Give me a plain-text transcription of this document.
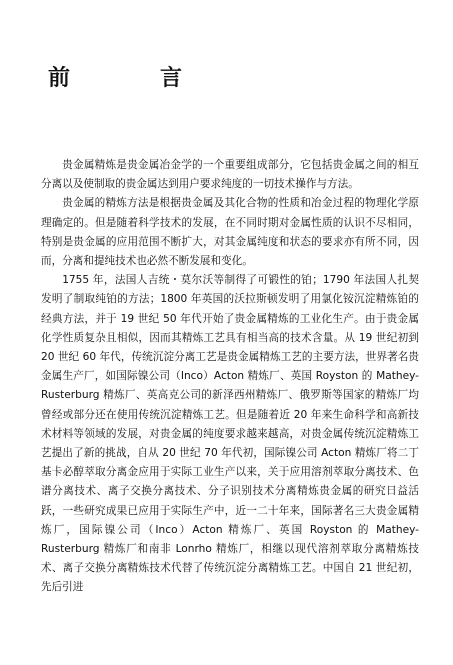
前　言

贵金属精炼是贵金属冶金学的一个重要组成部分，它包括贵金属之间的相互分离以及使制取的贵金属达到用户要求纯度的一切技术操作与方法。

贵金属的精炼方法是根据贵金属及其化合物的性质和冶金过程的物理化学原理确定的。但是随着科学技术的发展，在不同时期对金属性质的认识不尽相同，特别是贵金属的应用范围不断扩大，对其金属纯度和状态的要求亦有所不同，因而，分离和提纯技术也必然不断发展和变化。

1755 年，法国人吉统・莫尔沃等制得了可锻性的铂；1790 年法国人扎契发明了制取纯铂的方法；1800 年英国的沃拉斯顿发明了用氯化铵沉淀精炼铂的经典方法，并于 19 世纪 50 年代开始了贵金属精炼的工业化生产。由于贵金属化学性质复杂且相似，因而其精炼工艺具有相当高的技术含量。从 19 世纪初到 20 世纪 60 年代，传统沉淀分离工艺是贵金属精炼工艺的主要方法，世界著名贵金属生产厂，如国际镍公司（Inco）Acton 精炼厂、英国 Royston 的 Mathey-Rusterburg 精炼厂、英高克公司的新泽西州精炼厂、俄罗斯等国家的精炼厂均曾经或部分还在使用传统沉淀精炼工艺。但是随着近 20 年来生命科学和高新技术材料等领域的发展，对贵金属的纯度要求越来越高，对贵金属传统沉淀精炼工艺提出了新的挑战，自从 20 世纪 70 年代初，国际镍公司 Acton 精炼厂将二丁基卡必醇萃取分离金应用于实际工业生产以来，关于应用溶剂萃取分离技术、色谱分离技术、离子交换分离技术、分子识别技术分离精炼贵金属的研究日益活跃，一些研究成果已应用于实际生产中，近一二十年来，国际著名三大贵金属精炼厂，国际镍公司（Inco）Acton 精炼厂、英国 Royston 的 Mathey-Rusterburg 精炼厂和南非 Lonrho 精炼厂，相继以现代溶剂萃取分离精炼技术、离子交换分离精炼技术代替了传统沉淀分离精炼工艺。中国自 21 世纪初，先后引进
